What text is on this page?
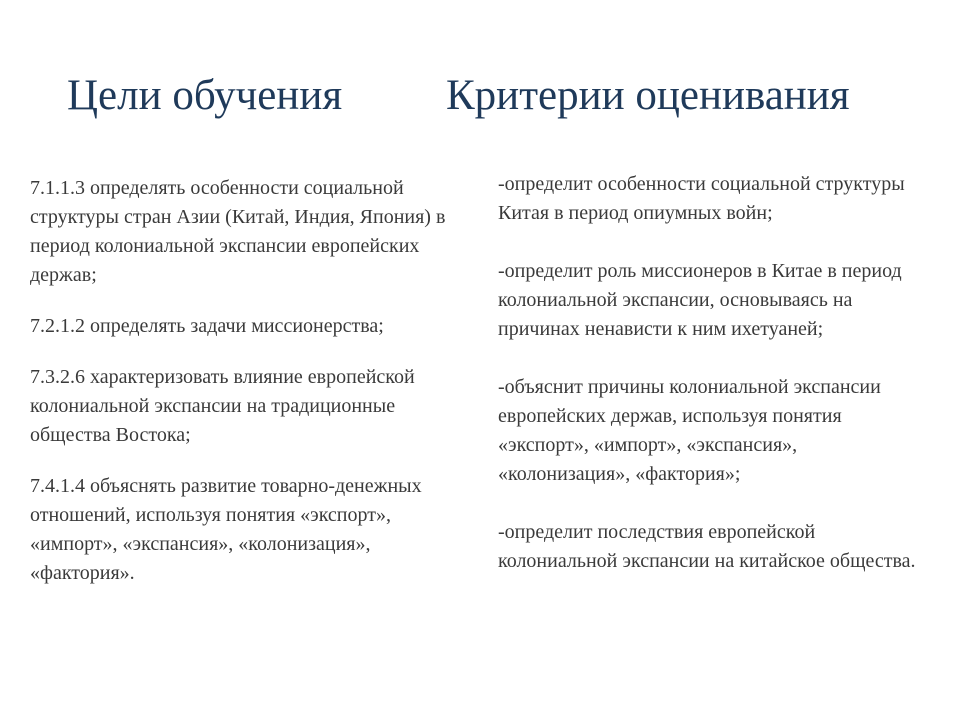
Цели обучения Критерии оценивания

7.1.1.3 определять особенности социальной структуры стран Азии (Китай, Индия, Япония) в период колониальной экспансии европейских держав;

7.2.1.2 определять задачи миссионерства;

7.3.2.6 характеризовать влияние европейской колониальной экспансии на традиционные общества Востока;

7.4.1.4 объяснять развитие товарно-денежных отношений, используя понятия «экспорт», «импорт», «экспансия», «колонизация», «фактория».

-определит особенности социальной структуры Китая в период опиумных войн;

-определит роль миссионеров в Китае в период колониальной экспансии, основываясь на причинах ненависти к ним ихетуаней;

-объяснит причины колониальной экспансии европейских держав, используя понятия «экспорт», «импорт», «экспансия», «колонизация», «фактория»;

-определит последствия европейской колониальной экспансии на китайское общества.
